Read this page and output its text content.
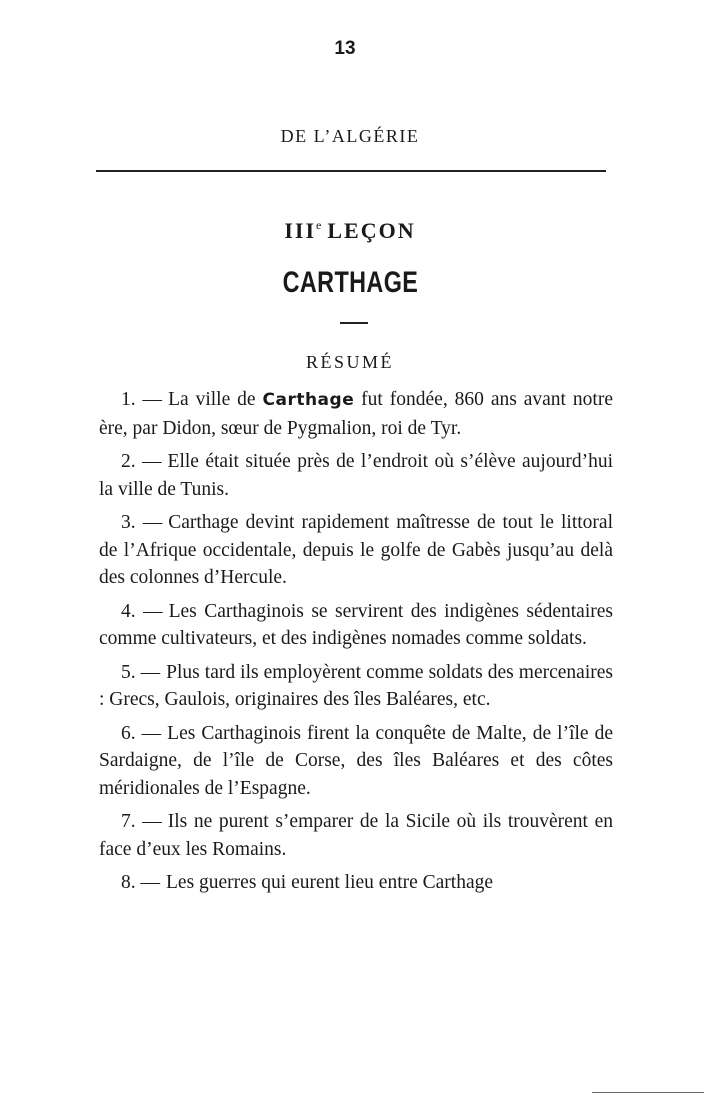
13
DE L’ALGÉRIE
IIIe LEÇON
CARTHAGE
RÉSUMÉ

1. — La ville de Carthage fut fondée, 860 ans avant notre ère, par Didon, sœur de Pygmalion, roi de Tyr.

2. — Elle était située près de l’endroit où s’élève aujourd’hui la ville de Tunis.

3. — Carthage devint rapidement maîtresse de tout le littoral de l’Afrique occidentale, depuis le golfe de Gabès jusqu’au delà des colonnes d’Hercule.

4. — Les Carthaginois se servirent des indigènes sédentaires comme cultivateurs, et des indigènes nomades comme soldats.

5. — Plus tard ils employèrent comme soldats des mercenaires : Grecs, Gaulois, originaires des îles Baléares, etc.

6. — Les Carthaginois firent la conquête de Malte, de l’île de Sardaigne, de l’île de Corse, des îles Baléares et des côtes méridionales de l’Espagne.

7. — Ils ne purent s’emparer de la Sicile où ils trouvèrent en face d’eux les Romains.

8. — Les guerres qui eurent lieu entre Carthage
